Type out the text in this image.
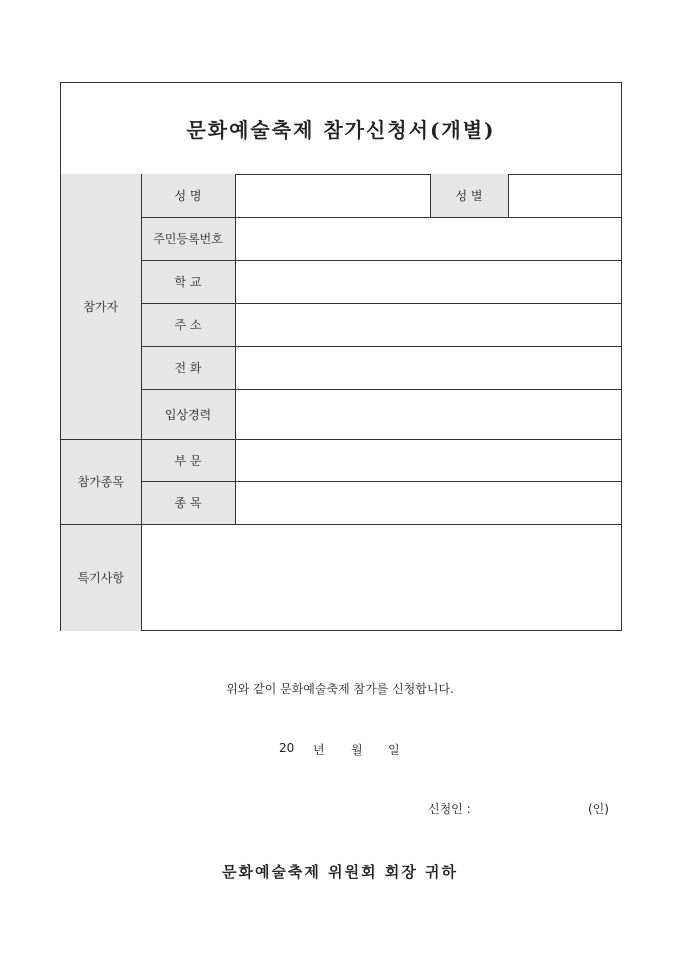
문화예술축제 참가신청서(개별)
참가자	성 명		성 별	
	주민등록번호			
	학 교			
	주 소			
	전 화			
	입상경력			
참가종목	부 문			
	종 목			
특기사항				
위와 같이 문화예술축제 참가를 신청합니다.
20 년 월 일
신청인 :	(인)
문화예술축제 위원회 회장 귀하
